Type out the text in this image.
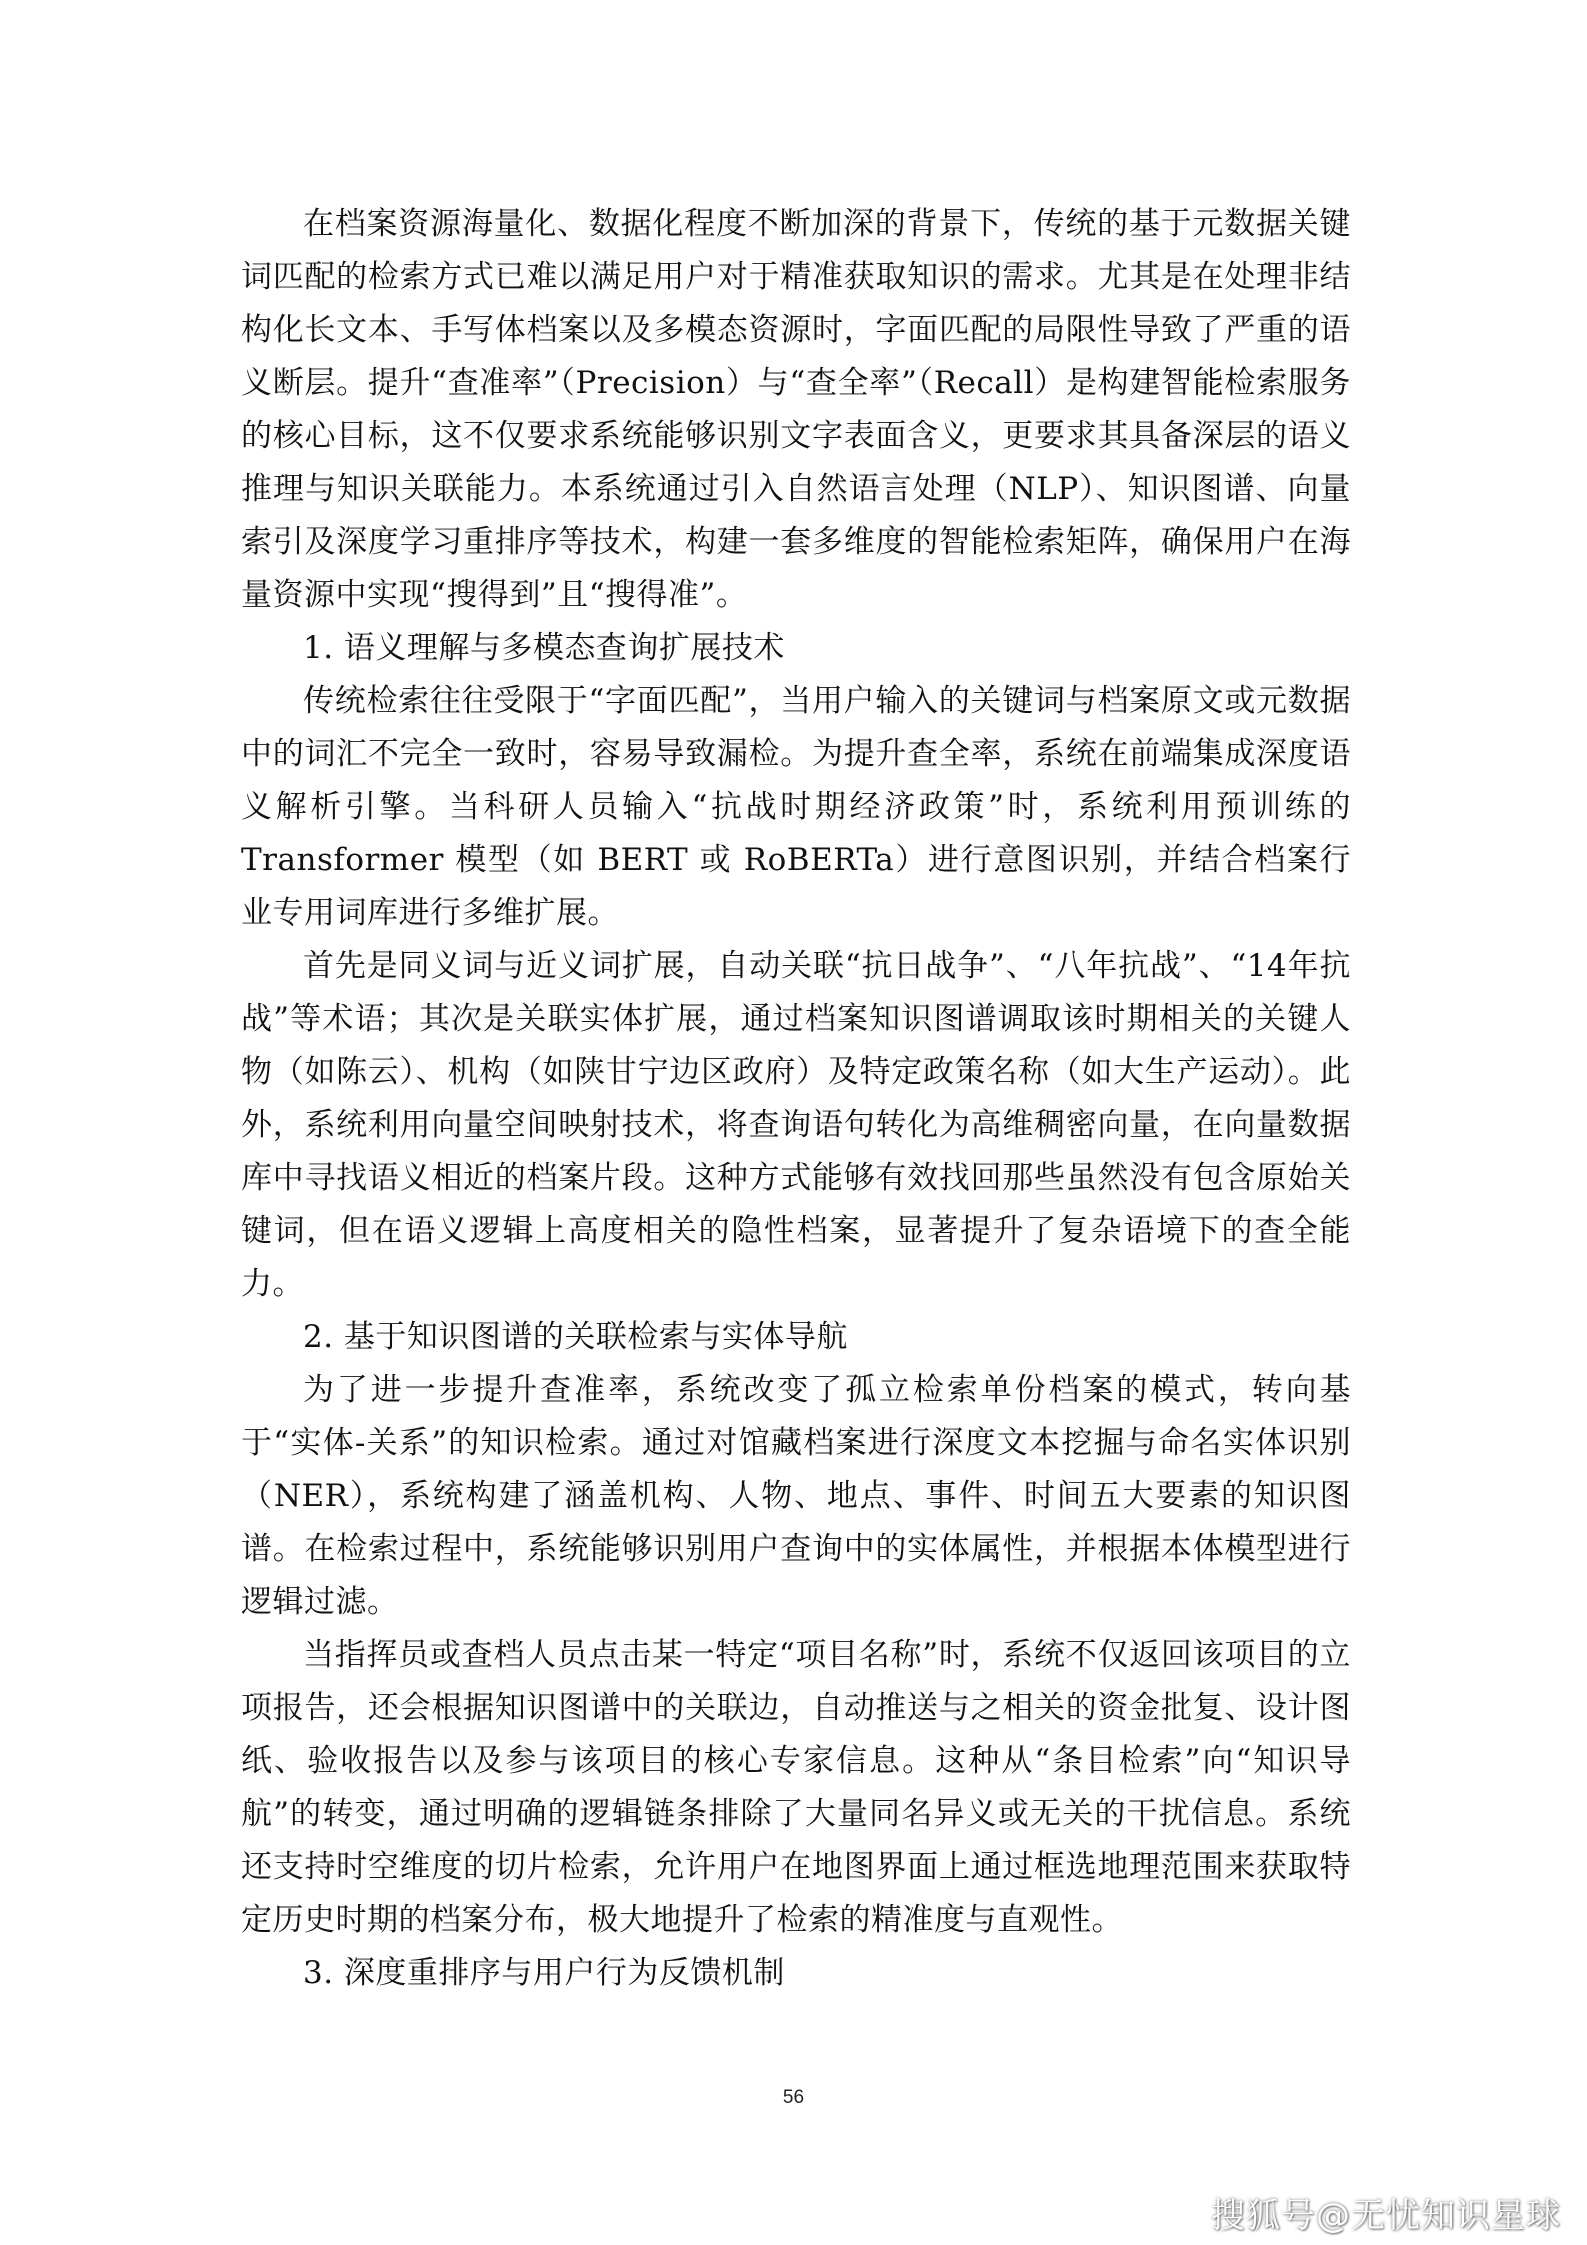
在档案资源海量化、数据化程度不断加深的背景下，传统的基于元数据关键词匹配的检索方式已难以满足用户对于精准获取知识的需求。尤其是在处理非结构化长文本、手写体档案以及多模态资源时，字面匹配的局限性导致了严重的语义断层。提升“查准率”（Precision）与“查全率”（Recall）是构建智能检索服务的核心目标，这不仅要求系统能够识别文字表面含义，更要求其具备深层的语义推理与知识关联能力。本系统通过引入自然语言处理（NLP）、知识图谱、向量索引及深度学习重排序等技术，构建一套多维度的智能检索矩阵，确保用户在海量资源中实现“搜得到”且“搜得准”。

1. 语义理解与多模态查询扩展技术

传统检索往往受限于“字面匹配”，当用户输入的关键词与档案原文或元数据中的词汇不完全一致时，容易导致漏检。为提升查全率，系统在前端集成深度语义解析引擎。当科研人员输入“抗战时期经济政策”时，系统利用预训练的Transformer 模型（如 BERT 或 RoBERTa）进行意图识别，并结合档案行业专用词库进行多维扩展。

首先是同义词与近义词扩展，自动关联“抗日战争”、“八年抗战”、“14年抗战”等术语；其次是关联实体扩展，通过档案知识图谱调取该时期相关的关键人物（如陈云）、机构（如陕甘宁边区政府）及特定政策名称（如大生产运动）。此外，系统利用向量空间映射技术，将查询语句转化为高维稠密向量，在向量数据库中寻找语义相近的档案片段。这种方式能够有效找回那些虽然没有包含原始关键词，但在语义逻辑上高度相关的隐性档案，显著提升了复杂语境下的查全能力。

2. 基于知识图谱的关联检索与实体导航

为了进一步提升查准率，系统改变了孤立检索单份档案的模式，转向基于“实体-关系”的知识检索。通过对馆藏档案进行深度文本挖掘与命名实体识别（NER），系统构建了涵盖机构、人物、地点、事件、时间五大要素的知识图谱。在检索过程中，系统能够识别用户查询中的实体属性，并根据本体模型进行逻辑过滤。

当指挥员或查档人员点击某一特定“项目名称”时，系统不仅返回该项目的立项报告，还会根据知识图谱中的关联边，自动推送与之相关的资金批复、设计图纸、验收报告以及参与该项目的核心专家信息。这种从“条目检索”向“知识导航”的转变，通过明确的逻辑链条排除了大量同名异义或无关的干扰信息。系统还支持时空维度的切片检索，允许用户在地图界面上通过框选地理范围来获取特定历史时期的档案分布，极大地提升了检索的精准度与直观性。

3. 深度重排序与用户行为反馈机制

56
搜狐号@无忧知识星球
